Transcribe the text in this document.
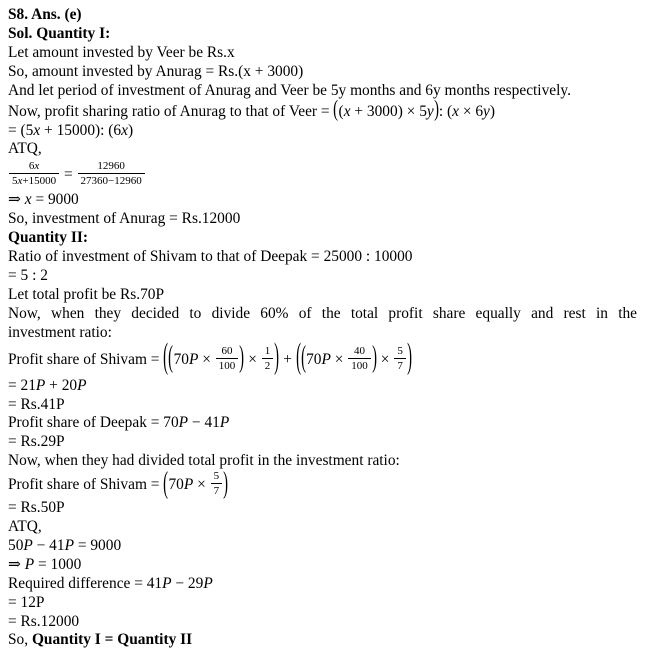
S8. Ans. (e)
Sol. Quantity I:
Let amount invested by Veer be Rs.x
So, amount invested by Anurag = Rs.(x + 3000)
And let period of investment of Anurag and Veer be 5y months and 6y months respectively.
Now, profit sharing ratio of Anurag to that of Veer = ((x + 3000) × 5y): (x × 6y)
= (5x + 15000): (6x)
ATQ,
$\frac{6x}{5x+15000} = \frac{12960}{27360-12960}$
⇒ x = 9000
So, investment of Anurag = Rs.12000
Quantity II:
Ratio of investment of Shivam to that of Deepak = 25000 : 10000
= 5 : 2
Let total profit be Rs.70P
Now, when they decided to divide 60% of the total profit share equally and rest in the
investment ratio:
Profit share of Shivam = (($70P \times \frac{60}{100}$ ) × $\frac{1}{2}$ ) + (($70P \times \frac{40}{100}$ ) × $\frac{5}{7}$ )
= 21P + 20P
= Rs.41P
Profit share of Deepak = 70P − 41P
= Rs.29P
Now, when they had divided total profit in the investment ratio:
Profit share of Shivam = ($70P \times \frac{5}{7}$ )
= Rs.50P
ATQ,
50P − 41P = 9000
⇒ P = 1000
Required difference = 41P − 29P
= 12P
= Rs.12000
So, Quantity I = Quantity II
